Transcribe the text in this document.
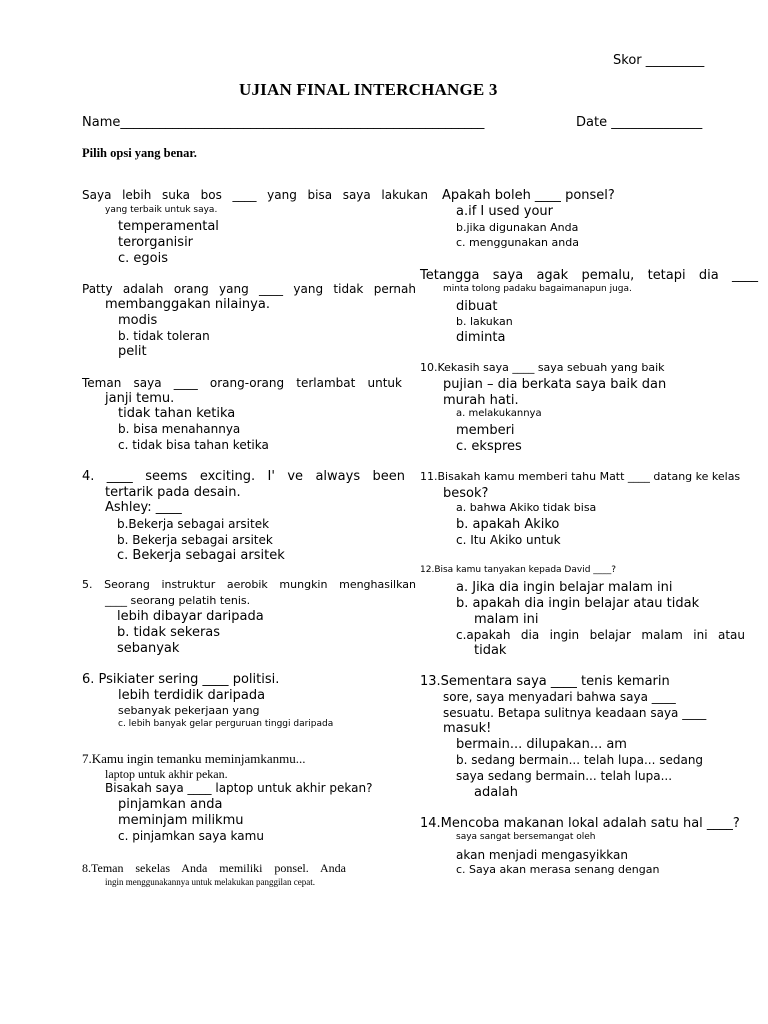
Skor _________
UJIAN FINAL INTERCHANGE 3
Name________________________________________________________	Date ______________
Pilih opsi yang benar.
Saya lebih suka bos ____ yang bisa saya lakukan
yang terbaik untuk saya.
temperamental
terorganisir
c. egois
Patty adalah orang yang ____ yang tidak pernah
membanggakan nilainya.
modis
b. tidak toleran
pelit
Teman saya ____ orang-orang terlambat untuk
janji temu.
tidak tahan ketika
b. bisa menahannya
c. tidak bisa tahan ketika
4. ____ seems exciting. I' ve always been
tertarik pada desain.
Ashley: ____
b.Bekerja sebagai arsitek
b. Bekerja sebagai arsitek
c. Bekerja sebagai arsitek
5. Seorang instruktur aerobik mungkin menghasilkan
____ seorang pelatih tenis.
lebih dibayar daripada
b. tidak sekeras
sebanyak
6. Psikiater sering ____ politisi.
lebih terdidik daripada
sebanyak pekerjaan yang
c. lebih banyak gelar perguruan tinggi daripada
7.Kamu ingin temanku meminjamkanmu...
laptop untuk akhir pekan.
Bisakah saya ____ laptop untuk akhir pekan?
pinjamkan anda
meminjam milikmu
c. pinjamkan saya kamu
8.Teman sekelas Anda memiliki ponsel. Anda
ingin menggunakannya untuk melakukan panggilan cepat.
Apakah boleh ____ ponsel?
a.if I used your
b.jika digunakan Anda
c. menggunakan anda
Tetangga saya agak pemalu, tetapi dia ____
minta tolong padaku bagaimanapun juga.
dibuat
b. lakukan
diminta
10.Kekasih saya ____ saya sebuah yang baik
pujian – dia berkata saya baik dan
murah hati.
a. melakukannya
memberi
c. ekspres
11.Bisakah kamu memberi tahu Matt ____ datang ke kelas
besok?
a. bahwa Akiko tidak bisa
b. apakah Akiko
c. Itu Akiko untuk
12.Bisa kamu tanyakan kepada David ____?
a. Jika dia ingin belajar malam ini
b. apakah dia ingin belajar atau tidak
malam ini
c.apakah dia ingin belajar malam ini atau
tidak
13.Sementara saya ____ tenis kemarin
sore, saya menyadari bahwa saya ____
sesuatu. Betapa sulitnya keadaan saya ____
masuk!
bermain... dilupakan... am
b. sedang bermain... telah lupa... sedang
saya sedang bermain... telah lupa...
adalah
14.Mencoba makanan lokal adalah satu hal ____?
saya sangat bersemangat oleh
akan menjadi mengasyikkan
c. Saya akan merasa senang dengan
